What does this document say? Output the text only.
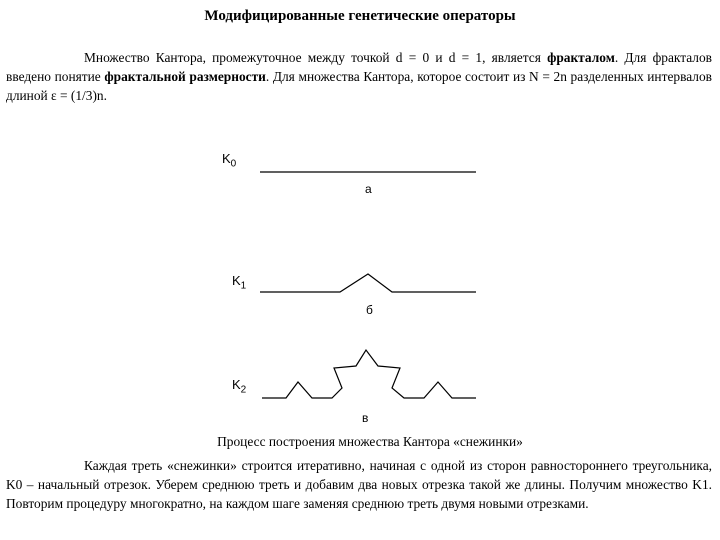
Модифицированные генетические операторы
Множество Кантора, промежуточное между точкой d = 0 и d = 1, является фракталом. Для фракталов введено понятие фрактальной размерности. Для множества Кантора, которое состоит из N = 2n разделенных интервалов длиной ε = (1/3)n.
$K_0$
$K_1$
$K_2$
а
б
в
Процесс построения множества Кантора «снежинки»
Каждая треть «снежинки» строится итеративно, начиная с одной из сторон равностороннего треугольника, K0 – начальный отрезок. Уберем среднюю треть и добавим два новых отрезка такой же длины. Получим множество K1. Повторим процедуру многократно, на каждом шаге заменяя среднюю треть двумя новыми отрезками.
